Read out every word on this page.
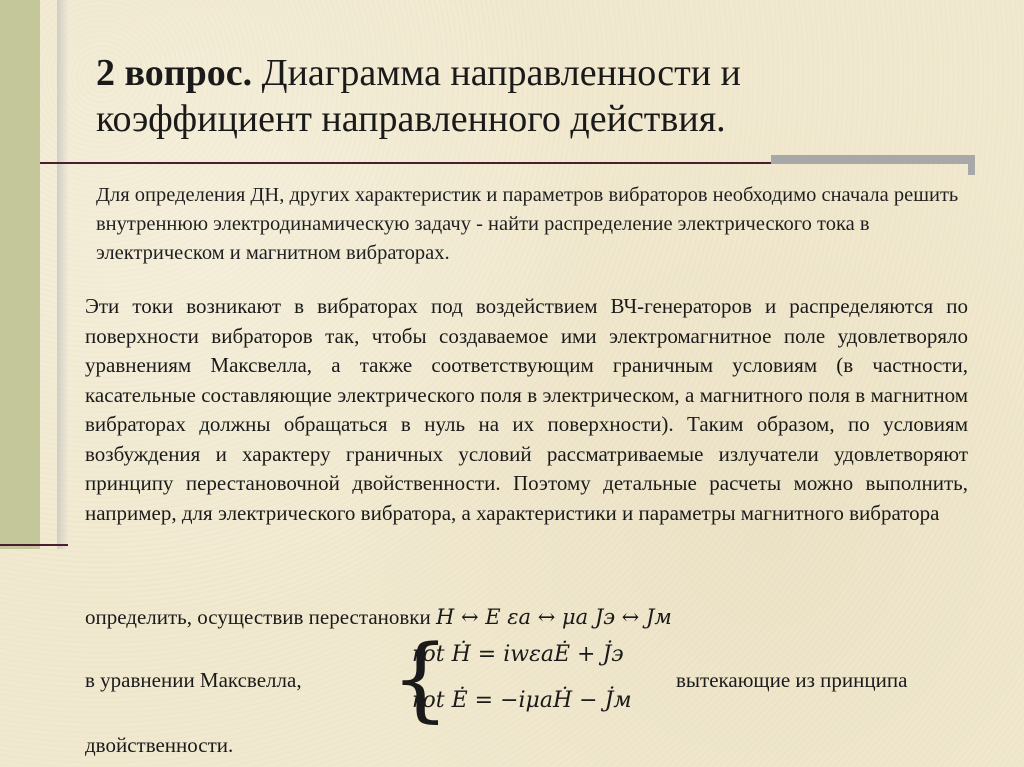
2 вопрос. Диаграмма направленности и коэффициент направленного действия.

Для определения ДН, других характеристик и параметров вибраторов необходимо сначала решить внутреннюю электродинамическую задачу - найти распределение электрического тока в электрическом и магнитном вибраторах.

Эти токи возникают в вибраторах под воздействием ВЧ-генераторов и распределяются по поверхности вибраторов так, чтобы создаваемое ими электромагнитное поле удовлетворяло уравнениям Максвелла, а также соответствующим граничным условиям (в частности, касательные составляющие электрического поля в электрическом, а магнитного поля в магнитном вибраторах должны обращаться в нуль на их поверхности). Таким образом, по условиям возбуждения и характеру граничных условий рассматриваемые излучатели удовлетворяют принципу перестановочной двойственности. Поэтому детальные расчеты можно выполнить, например, для электрического вибратора, а характеристики и параметры магнитного вибратора

определить, осуществив перестановки H ↔ E εa ↔ μa Jэ ↔ Jм
в уравнении Максвелла, {
rot Ḣ = iwεaĖ + J̇э
rot Ė = −iμaḢ − J̇м
вытекающие из принципа
двойственности.
